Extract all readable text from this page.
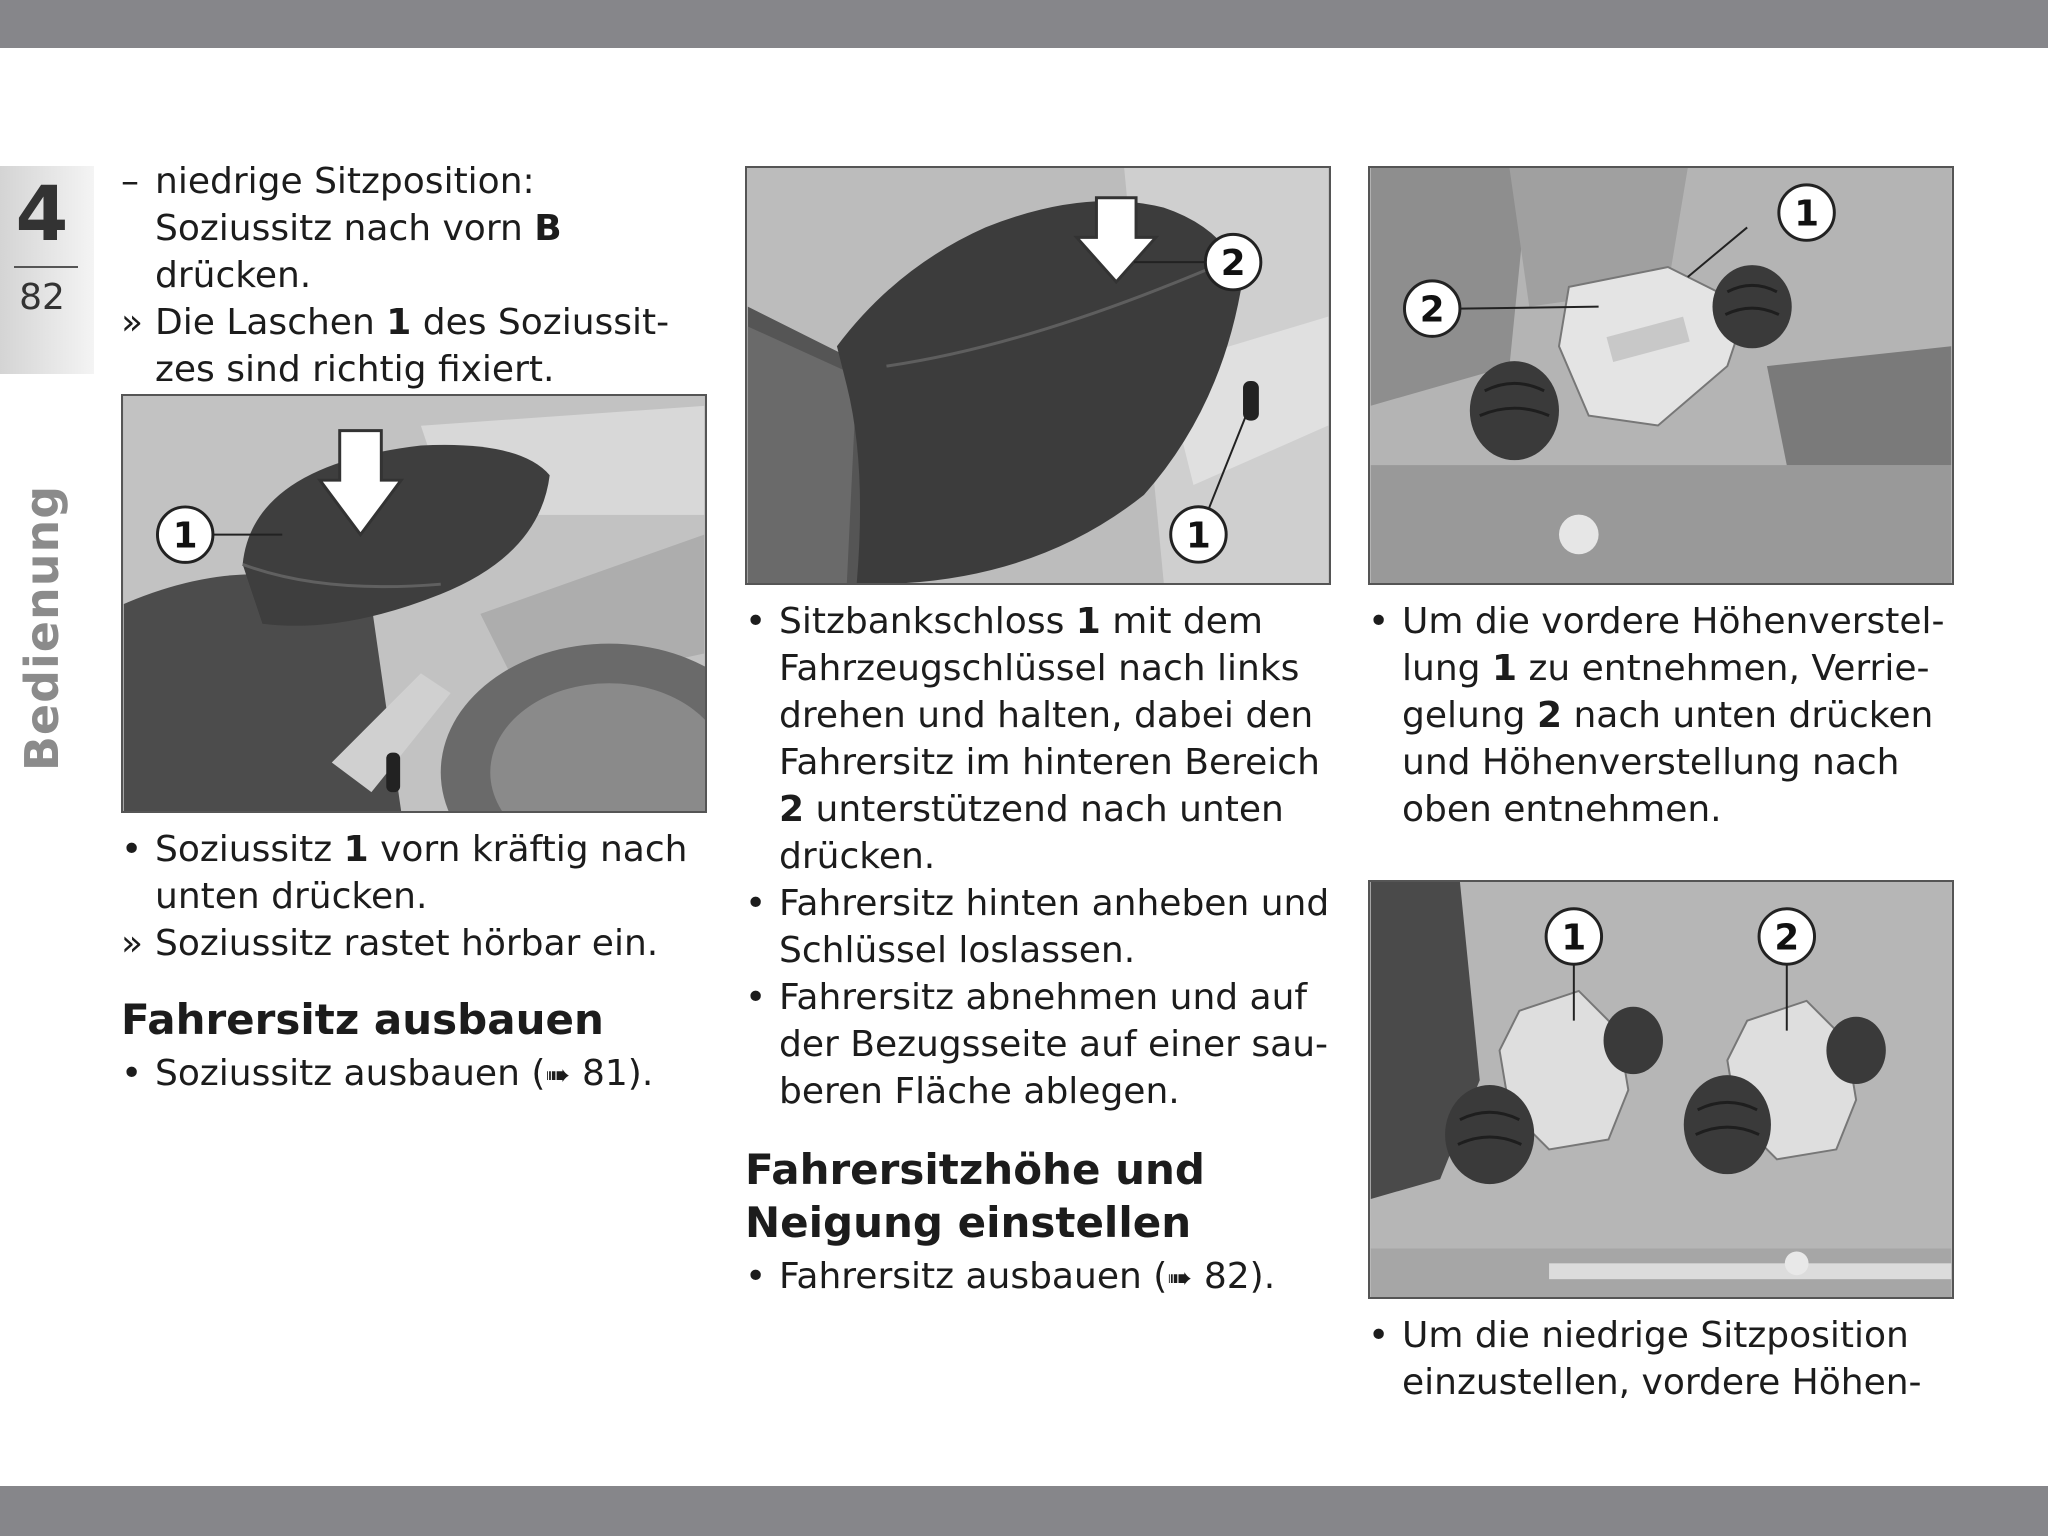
4
82
Bedienung
– niedrige Sitzposition: Soziussitz nach vorn B drücken.
» Die Laschen 1 des Soziussit-zes sind richtig fixiert.
1
• Soziussitz 1 vorn kräftig nach unten drücken.
» Soziussitz rastet hörbar ein.
Fahrersitz ausbauen
• Soziussitz ausbauen (➠ 81).
2
1
• Sitzbankschloss 1 mit dem Fahrzeugschlüssel nach links drehen und halten, dabei den Fahrersitz im hinteren Bereich 2 unterstützend nach unten drücken.
• Fahrersitz hinten anheben und Schlüssel loslassen.
• Fahrersitz abnehmen und auf der Bezugsseite auf einer sau-beren Fläche ablegen.
Fahrersitzhöhe und Neigung einstellen
• Fahrersitz ausbauen (➠ 82).
1
2
• Um die vordere Höhenverstel-lung 1 zu entnehmen, Verrie-gelung 2 nach unten drücken und Höhenverstellung nach oben entnehmen.
1	2
• Um die niedrige Sitzposition einzustellen, vordere Höhen-
